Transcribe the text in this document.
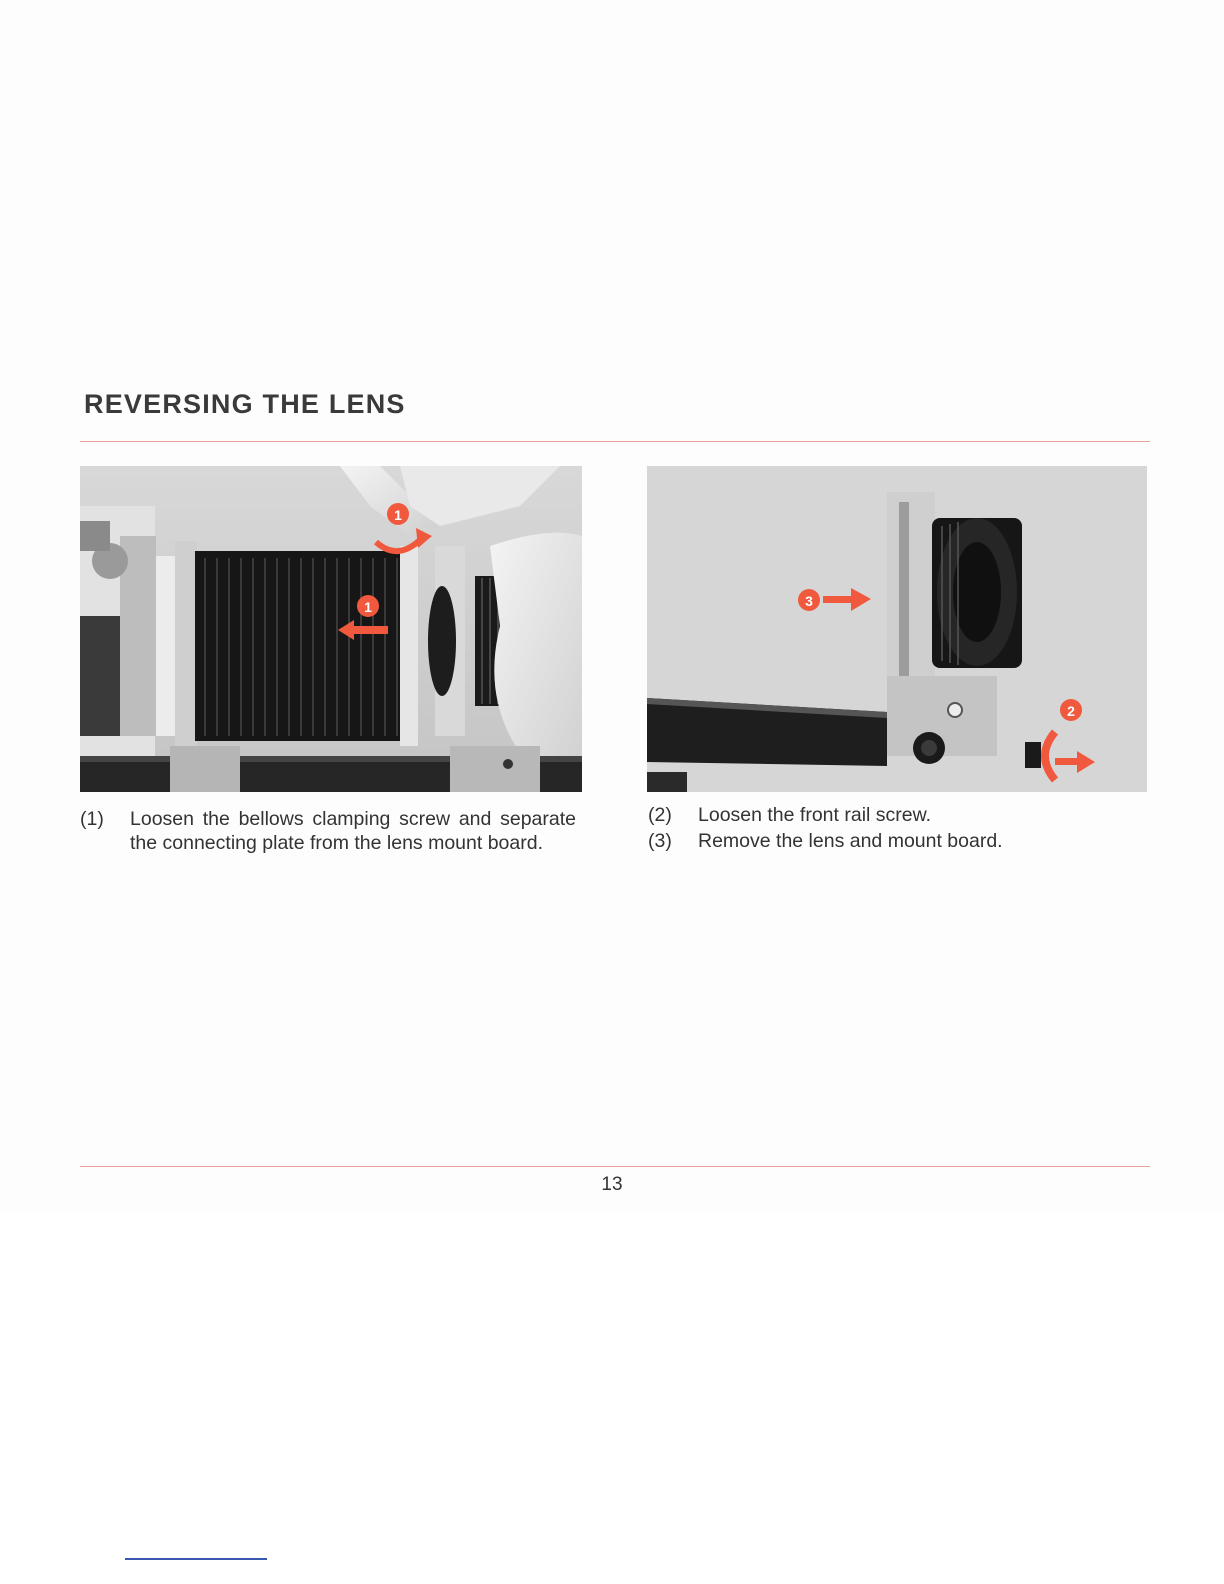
REVERSING THE LENS
1
1	3
2
(1) Loosen the bellows clamping screw and separate the connecting plate from the lens mount board.
(2) Loosen the front rail screw.
(3) Remove the lens and mount board.
13
